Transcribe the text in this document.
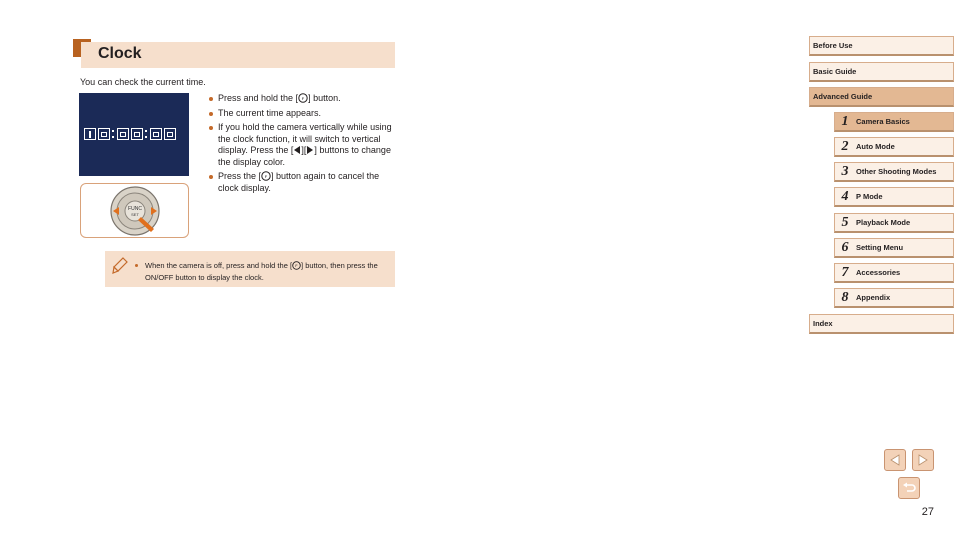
Clock
You can check the current time.
FUNC
SET
Press and hold the [ F ] button.
The current time appears.
If you hold the camera vertically while using the clock function, it will switch to vertical display. Press the [ ][ ] buttons to change the display color.
Press the [ F ] button again to cancel the clock display.
When the camera is off, press and hold the [ F ] button, then press the ON/OFF button to display the clock.
Before Use
Basic Guide
Advanced Guide
1	Camera Basics
2	Auto Mode
3	Other Shooting Modes
4	P Mode
5	Playback Mode
6	Setting Menu
7	Accessories
8	Appendix
Index
27
